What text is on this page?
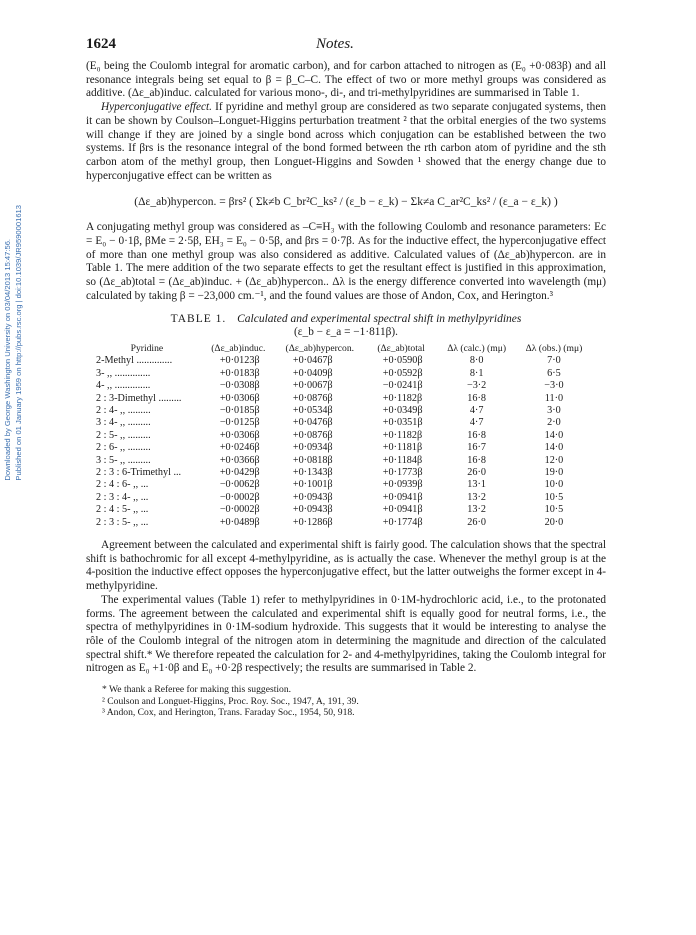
Downloaded by George Washington University on 03/04/2013 15:47:56. Published on 01 January 1959 on http://pubs.rsc.org | doi:10.1039/JR9590001613
1624	Notes.

(E₀ being the Coulomb integral for aromatic carbon), and for carbon attached to nitrogen as (E₀ +0·083β) and all resonance integrals being set equal to β = β_C–C. The effect of two or more methyl groups was considered as additive. (Δε_ab)induc. calculated for various mono-, di-, and tri-methylpyridines are summarised in Table 1.

Hyperconjugative effect. If pyridine and methyl group are considered as two separate conjugated systems, then it can be shown by Coulson–Longuet-Higgins perturbation treatment ² that the orbital energies of the two systems will change if they are joined by a single bond across which conjugation can be established between the two systems. If βrs is the resonance integral of the bond formed between the rth carbon atom of pyridine and the sth carbon atom of the methyl group, then Longuet-Higgins and Sowden ¹ showed that the energy change due to hyperconjugative effect can be written as

(Δε_ab)hypercon. = βrs² ( Σk≠b C_br²C_ks² / (ε_b − ε_k) − Σk≠a C_ar²C_ks² / (ε_a − ε_k) )

A conjugating methyl group was considered as –C≡H₃ with the following Coulomb and resonance parameters: Ec = E₀ − 0·1β, βMe = 2·5β, EH₃ = E₀ − 0·5β, and βrs = 0·7β. As for the inductive effect, the hyperconjugative effect of more than one methyl group was also considered as additive. Calculated values of (Δε_ab)hypercon. are in Table 1. The mere addition of the two separate effects to get the resultant effect is justified in this approximation, so (Δε_ab)total = (Δε_ab)induc. + (Δε_ab)hypercon.. Δλ is the energy difference converted into wavelength (mμ) calculated by taking β = −23,000 cm.⁻¹, and the found values are those of Andon, Cox, and Herington.³

TABLE 1. Calculated and experimental spectral shift in methylpyridines
(ε_b − ε_a = −1·811β).
Pyridine	(Δε_ab)induc.	(Δε_ab)hypercon.	(Δε_ab)total	Δλ (calc.) (mμ)	Δλ (obs.) (mμ)
2-Methyl ..............	+0·0123β	+0·0467β	+0·0590β	8·0	7·0
3- ,, ..............	+0·0183β	+0·0409β	+0·0592β	8·1	6·5
4- ,, ..............	−0·0308β	+0·0067β	−0·0241β	−3·2	−3·0
2 : 3-Dimethyl .........	+0·0306β	+0·0876β	+0·1182β	16·8	11·0
2 : 4- ,, .........	−0·0185β	+0·0534β	+0·0349β	4·7	3·0
3 : 4- ,, .........	−0·0125β	+0·0476β	+0·0351β	4·7	2·0
2 : 5- ,, .........	+0·0306β	+0·0876β	+0·1182β	16·8	14·0
2 : 6- ,, .........	+0·0246β	+0·0934β	+0·1181β	16·7	14·0
3 : 5- ,, .........	+0·0366β	+0·0818β	+0·1184β	16·8	12·0
2 : 3 : 6-Trimethyl ...	+0·0429β	+0·1343β	+0·1773β	26·0	19·0
2 : 4 : 6- ,, ...	−0·0062β	+0·1001β	+0·0939β	13·1	10·0
2 : 3 : 4- ,, ...	−0·0002β	+0·0943β	+0·0941β	13·2	10·5
2 : 4 : 5- ,, ...	−0·0002β	+0·0943β	+0·0941β	13·2	10·5
2 : 3 : 5- ,, ...	+0·0489β	+0·1286β	+0·1774β	26·0	20·0

Agreement between the calculated and experimental shift is fairly good. The calculation shows that the spectral shift is bathochromic for all except 4-methylpyridine, as is actually the case. Whenever the methyl group is at the 4-position the inductive effect opposes the hyperconjugative effect, but the latter outweighs the former except in 4-methylpyridine.

The experimental values (Table 1) refer to methylpyridines in 0·1M-hydrochloric acid, i.e., to the protonated forms. The agreement between the calculated and experimental shift is equally good for neutral forms, i.e., the spectra of methylpyridines in 0·1M-sodium hydroxide. This suggests that it would be interesting to analyse the rôle of the Coulomb integral of the nitrogen atom in determining the magnitude and direction of the calculated spectral shift.* We therefore repeated the calculation for 2- and 4-methylpyridines, taking the Coulomb integral for nitrogen as E₀ +1·0β and E₀ +0·2β respectively; the results are summarised in Table 2.

* We thank a Referee for making this suggestion.
² Coulson and Longuet-Higgins, Proc. Roy. Soc., 1947, A, 191, 39.
³ Andon, Cox, and Herington, Trans. Faraday Soc., 1954, 50, 918.
